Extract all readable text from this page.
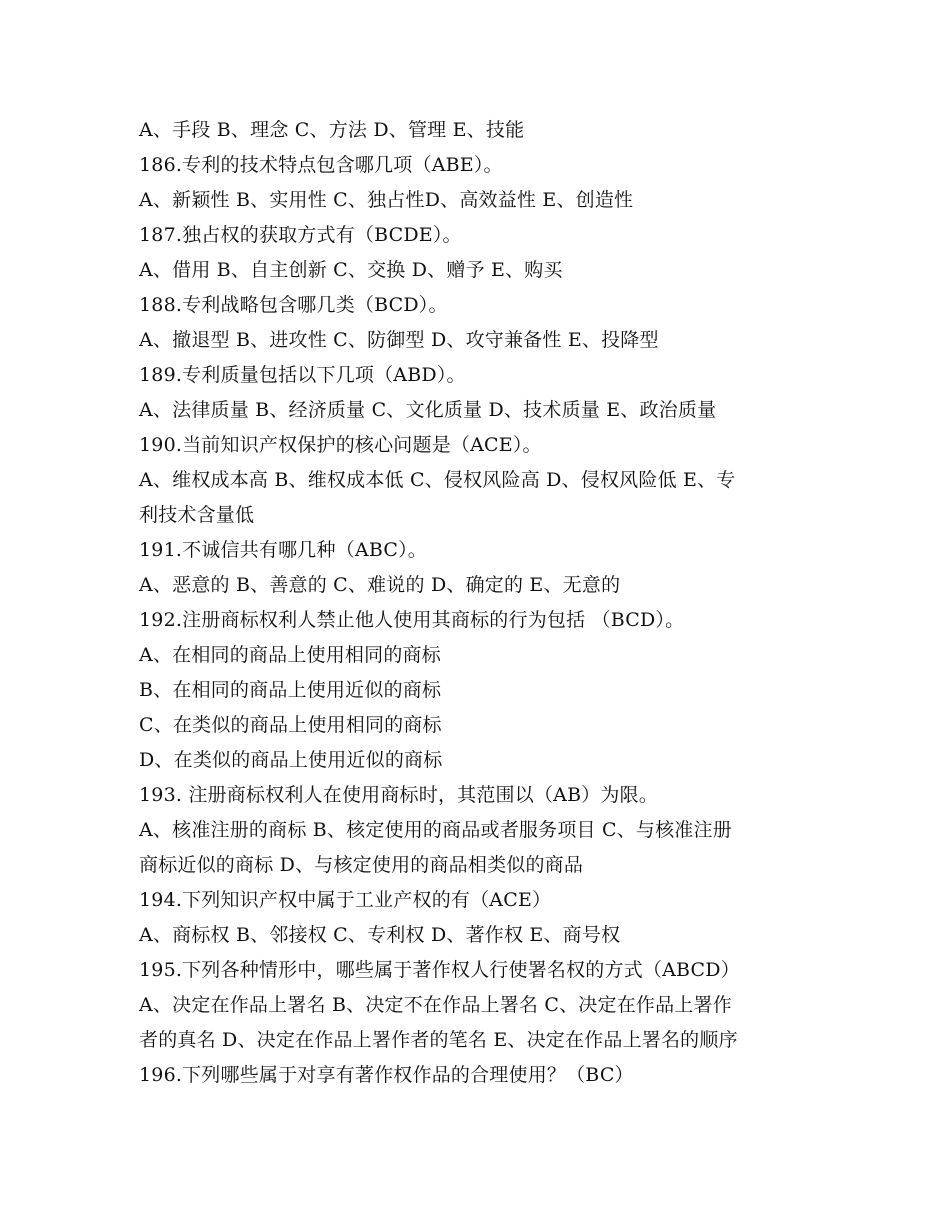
A、手段 B、理念 C、方法 D、管理 E、技能
186.专利的技术特点包含哪几项（ABE）。
A、新颖性 B、实用性 C、独占性D、高效益性 E、创造性
187.独占权的获取方式有（BCDE）。
A、借用 B、自主创新 C、交换 D、赠予 E、购买
188.专利战略包含哪几类（BCD）。
A、撤退型 B、进攻性 C、防御型 D、攻守兼备性 E、投降型
189.专利质量包括以下几项（ABD）。
A、法律质量 B、经济质量 C、文化质量 D、技术质量 E、政治质量
190.当前知识产权保护的核心问题是（ACE）。
A、维权成本高 B、维权成本低 C、侵权风险高 D、侵权风险低 E、专
利技术含量低
191.不诚信共有哪几种（ABC）。
A、恶意的 B、善意的 C、难说的 D、确定的 E、无意的
192.注册商标权利人禁止他人使用其商标的行为包括 （BCD）。
A、在相同的商品上使用相同的商标
B、在相同的商品上使用近似的商标
C、在类似的商品上使用相同的商标
D、在类似的商品上使用近似的商标
193. 注册商标权利人在使用商标时，其范围以（AB）为限。
A、核准注册的商标 B、核定使用的商品或者服务项目 C、与核准注册
商标近似的商标 D、与核定使用的商品相类似的商品
194.下列知识产权中属于工业产权的有（ACE）
A、商标权 B、邻接权 C、专利权 D、著作权 E、商号权
195.下列各种情形中，哪些属于著作权人行使署名权的方式（ABCD）
A、决定在作品上署名 B、决定不在作品上署名 C、决定在作品上署作
者的真名 D、决定在作品上署作者的笔名 E、决定在作品上署名的顺序
196.下列哪些属于对享有著作权作品的合理使用？（BC）
